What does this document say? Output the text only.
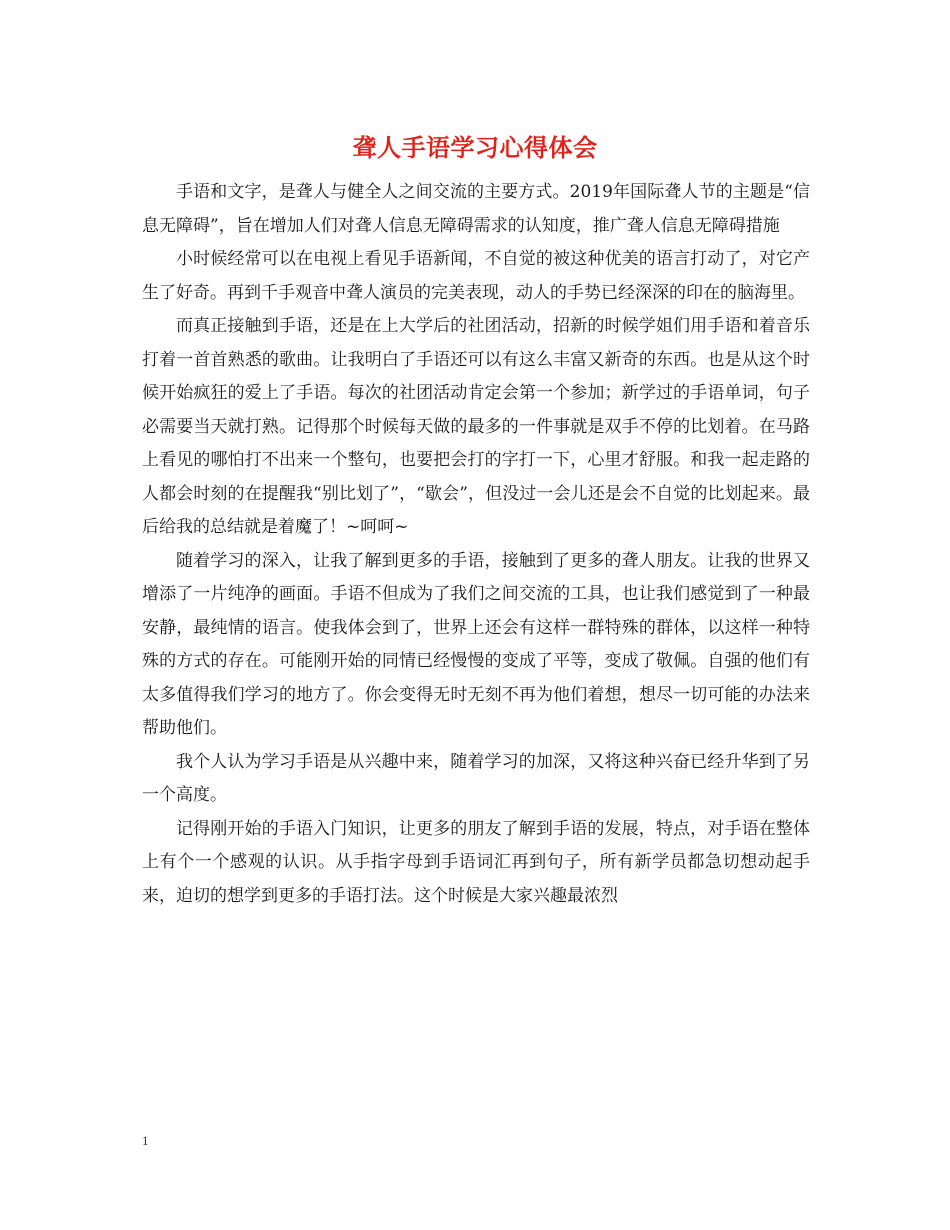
聋人手语学习心得体会

手语和文字，是聋人与健全人之间交流的主要方式。2019年国际聋人节的主题是“信息无障碍”，旨在增加人们对聋人信息无障碍需求的认知度，推广聋人信息无障碍措施

小时候经常可以在电视上看见手语新闻，不自觉的被这种优美的语言打动了，对它产生了好奇。再到千手观音中聋人演员的完美表现，动人的手势已经深深的印在的脑海里。

而真正接触到手语，还是在上大学后的社团活动，招新的时候学姐们用手语和着音乐打着一首首熟悉的歌曲。让我明白了手语还可以有这么丰富又新奇的东西。也是从这个时候开始疯狂的爱上了手语。每次的社团活动肯定会第一个参加；新学过的手语单词，句子必需要当天就打熟。记得那个时候每天做的最多的一件事就是双手不停的比划着。在马路上看见的哪怕打不出来一个整句，也要把会打的字打一下，心里才舒服。和我一起走路的人都会时刻的在提醒我“别比划了”，“歇会”，但没过一会儿还是会不自觉的比划起来。最后给我的总结就是着魔了！~呵呵~

随着学习的深入，让我了解到更多的手语，接触到了更多的聋人朋友。让我的世界又增添了一片纯净的画面。手语不但成为了我们之间交流的工具，也让我们感觉到了一种最安静，最纯情的语言。使我体会到了，世界上还会有这样一群特殊的群体，以这样一种特殊的方式的存在。可能刚开始的同情已经慢慢的变成了平等，变成了敬佩。自强的他们有太多值得我们学习的地方了。你会变得无时无刻不再为他们着想，想尽一切可能的办法来帮助他们。

我个人认为学习手语是从兴趣中来，随着学习的加深，又将这种兴奋已经升华到了另一个高度。

记得刚开始的手语入门知识，让更多的朋友了解到手语的发展，特点，对手语在整体上有个一个感观的认识。从手指字母到手语词汇再到句子，所有新学员都急切想动起手来，迫切的想学到更多的手语打法。这个时候是大家兴趣最浓烈

1
